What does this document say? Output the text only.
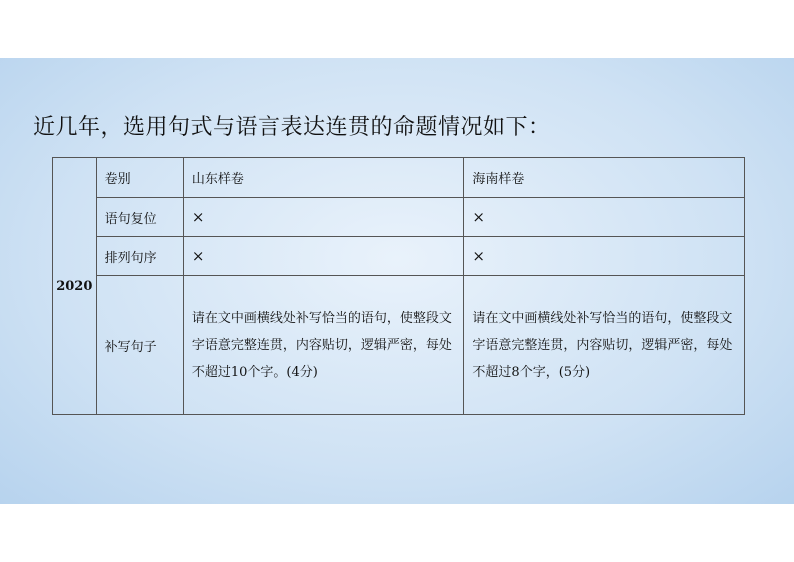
近几年，选用句式与语言表达连贯的命题情况如下：
2020	卷别	山东样卷	海南样卷
	语句复位	×	×
	排列句序	×	×
	补写句子	请在文中画横线处补写恰当的语句，使整段文字语意完整连贯，内容贴切，逻辑严密，每处不超过10个字。(4分)	请在文中画横线处补写恰当的语句，使整段文字语意完整连贯，内容贴切，逻辑严密，每处不超过8个字，(5分)
